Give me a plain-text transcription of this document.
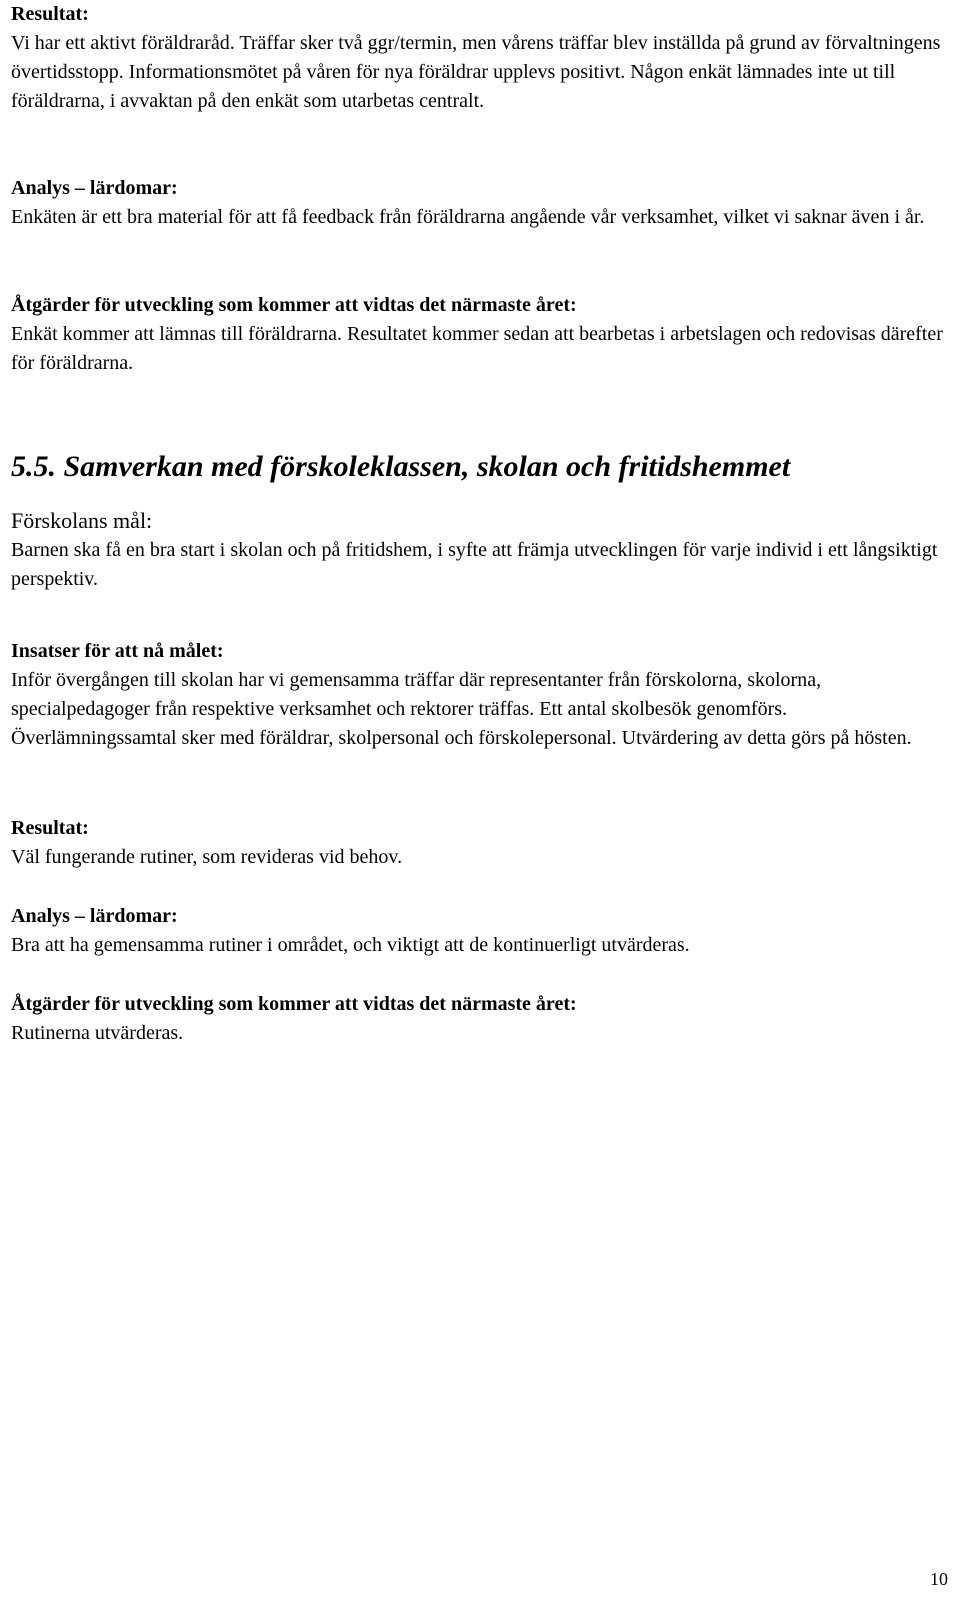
Resultat:

Vi har ett aktivt föräldraråd. Träffar sker två ggr/termin, men vårens träffar blev inställda på grund av förvaltningens övertidsstopp. Informationsmötet på våren för nya föräldrar upplevs positivt. Någon enkät lämnades inte ut till föräldrarna, i avvaktan på den enkät som utarbetas centralt.

Analys – lärdomar:

Enkäten är ett bra material för att få feedback från föräldrarna angående vår verksamhet, vilket vi saknar även i år.

Åtgärder för utveckling som kommer att vidtas det närmaste året:

Enkät kommer att lämnas till föräldrarna. Resultatet kommer sedan att bearbetas i arbetslagen och redovisas därefter för föräldrarna.

5.5. Samverkan med förskoleklassen, skolan och fritidshemmet

Förskolans mål:

Barnen ska få en bra start i skolan och på fritidshem, i syfte att främja utvecklingen för varje individ i ett långsiktigt perspektiv.

Insatser för att nå målet:

Inför övergången till skolan har vi gemensamma träffar där representanter från förskolorna, skolorna, specialpedagoger från respektive verksamhet och rektorer träffas. Ett antal skolbesök genomförs. Överlämningssamtal sker med föräldrar, skolpersonal och förskolepersonal. Utvärdering av detta görs på hösten.

Resultat:

Väl fungerande rutiner, som revideras vid behov.

Analys – lärdomar:

Bra att ha gemensamma rutiner i området, och viktigt att de kontinuerligt utvärderas.

Åtgärder för utveckling som kommer att vidtas det närmaste året:

Rutinerna utvärderas.

10
